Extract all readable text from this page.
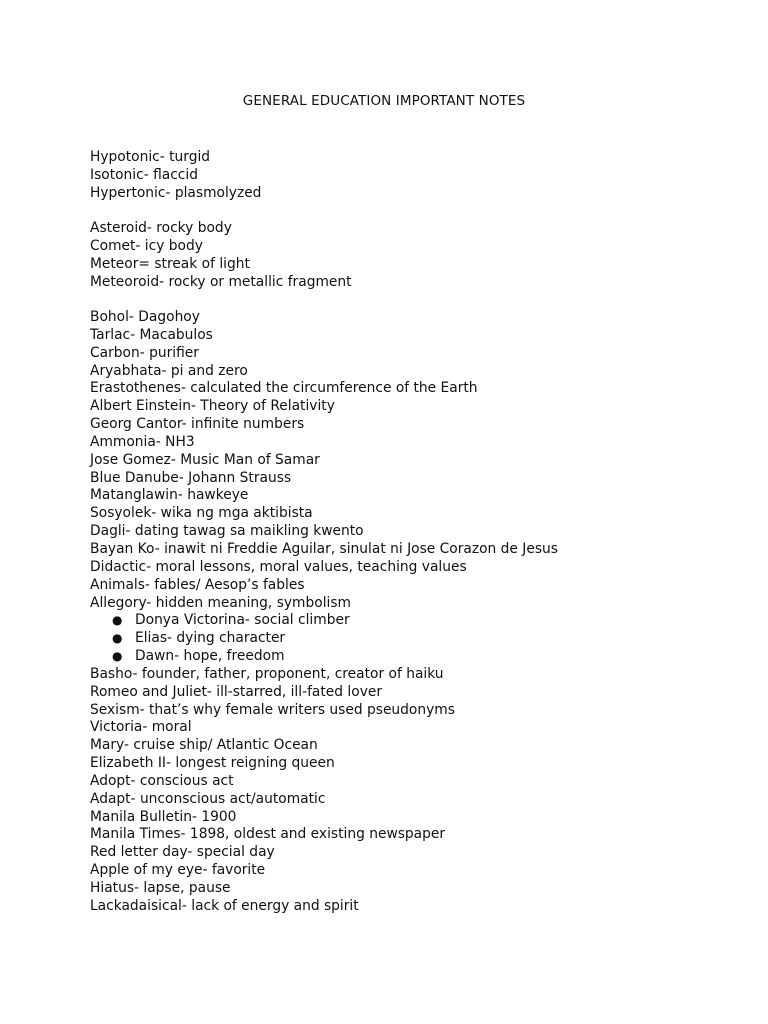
GENERAL EDUCATION IMPORTANT NOTES
Hypotonic- turgid
Isotonic- flaccid
Hypertonic- plasmolyzed
Asteroid- rocky body
Comet- icy body
Meteor= streak of light
Meteoroid- rocky or metallic fragment
Bohol- Dagohoy
Tarlac- Macabulos
Carbon- purifier
Aryabhata- pi and zero
Erastothenes- calculated the circumference of the Earth
Albert Einstein- Theory of Relativity
Georg Cantor- infinite numbers
Ammonia- NH3
Jose Gomez- Music Man of Samar
Blue Danube- Johann Strauss
Matanglawin- hawkeye
Sosyolek- wika ng mga aktibista
Dagli- dating tawag sa maikling kwento
Bayan Ko- inawit ni Freddie Aguilar, sinulat ni Jose Corazon de Jesus
Didactic- moral lessons, moral values, teaching values
Animals- fables/ Aesop’s fables
Allegory- hidden meaning, symbolism
● Donya Victorina- social climber
● Elias- dying character
● Dawn- hope, freedom
Basho- founder, father, proponent, creator of haiku
Romeo and Juliet- ill-starred, ill-fated lover
Sexism- that’s why female writers used pseudonyms
Victoria- moral
Mary- cruise ship/ Atlantic Ocean
Elizabeth II- longest reigning queen
Adopt- conscious act
Adapt- unconscious act/automatic
Manila Bulletin- 1900
Manila Times- 1898, oldest and existing newspaper
Red letter day- special day
Apple of my eye- favorite
Hiatus- lapse, pause
Lackadaisical- lack of energy and spirit
